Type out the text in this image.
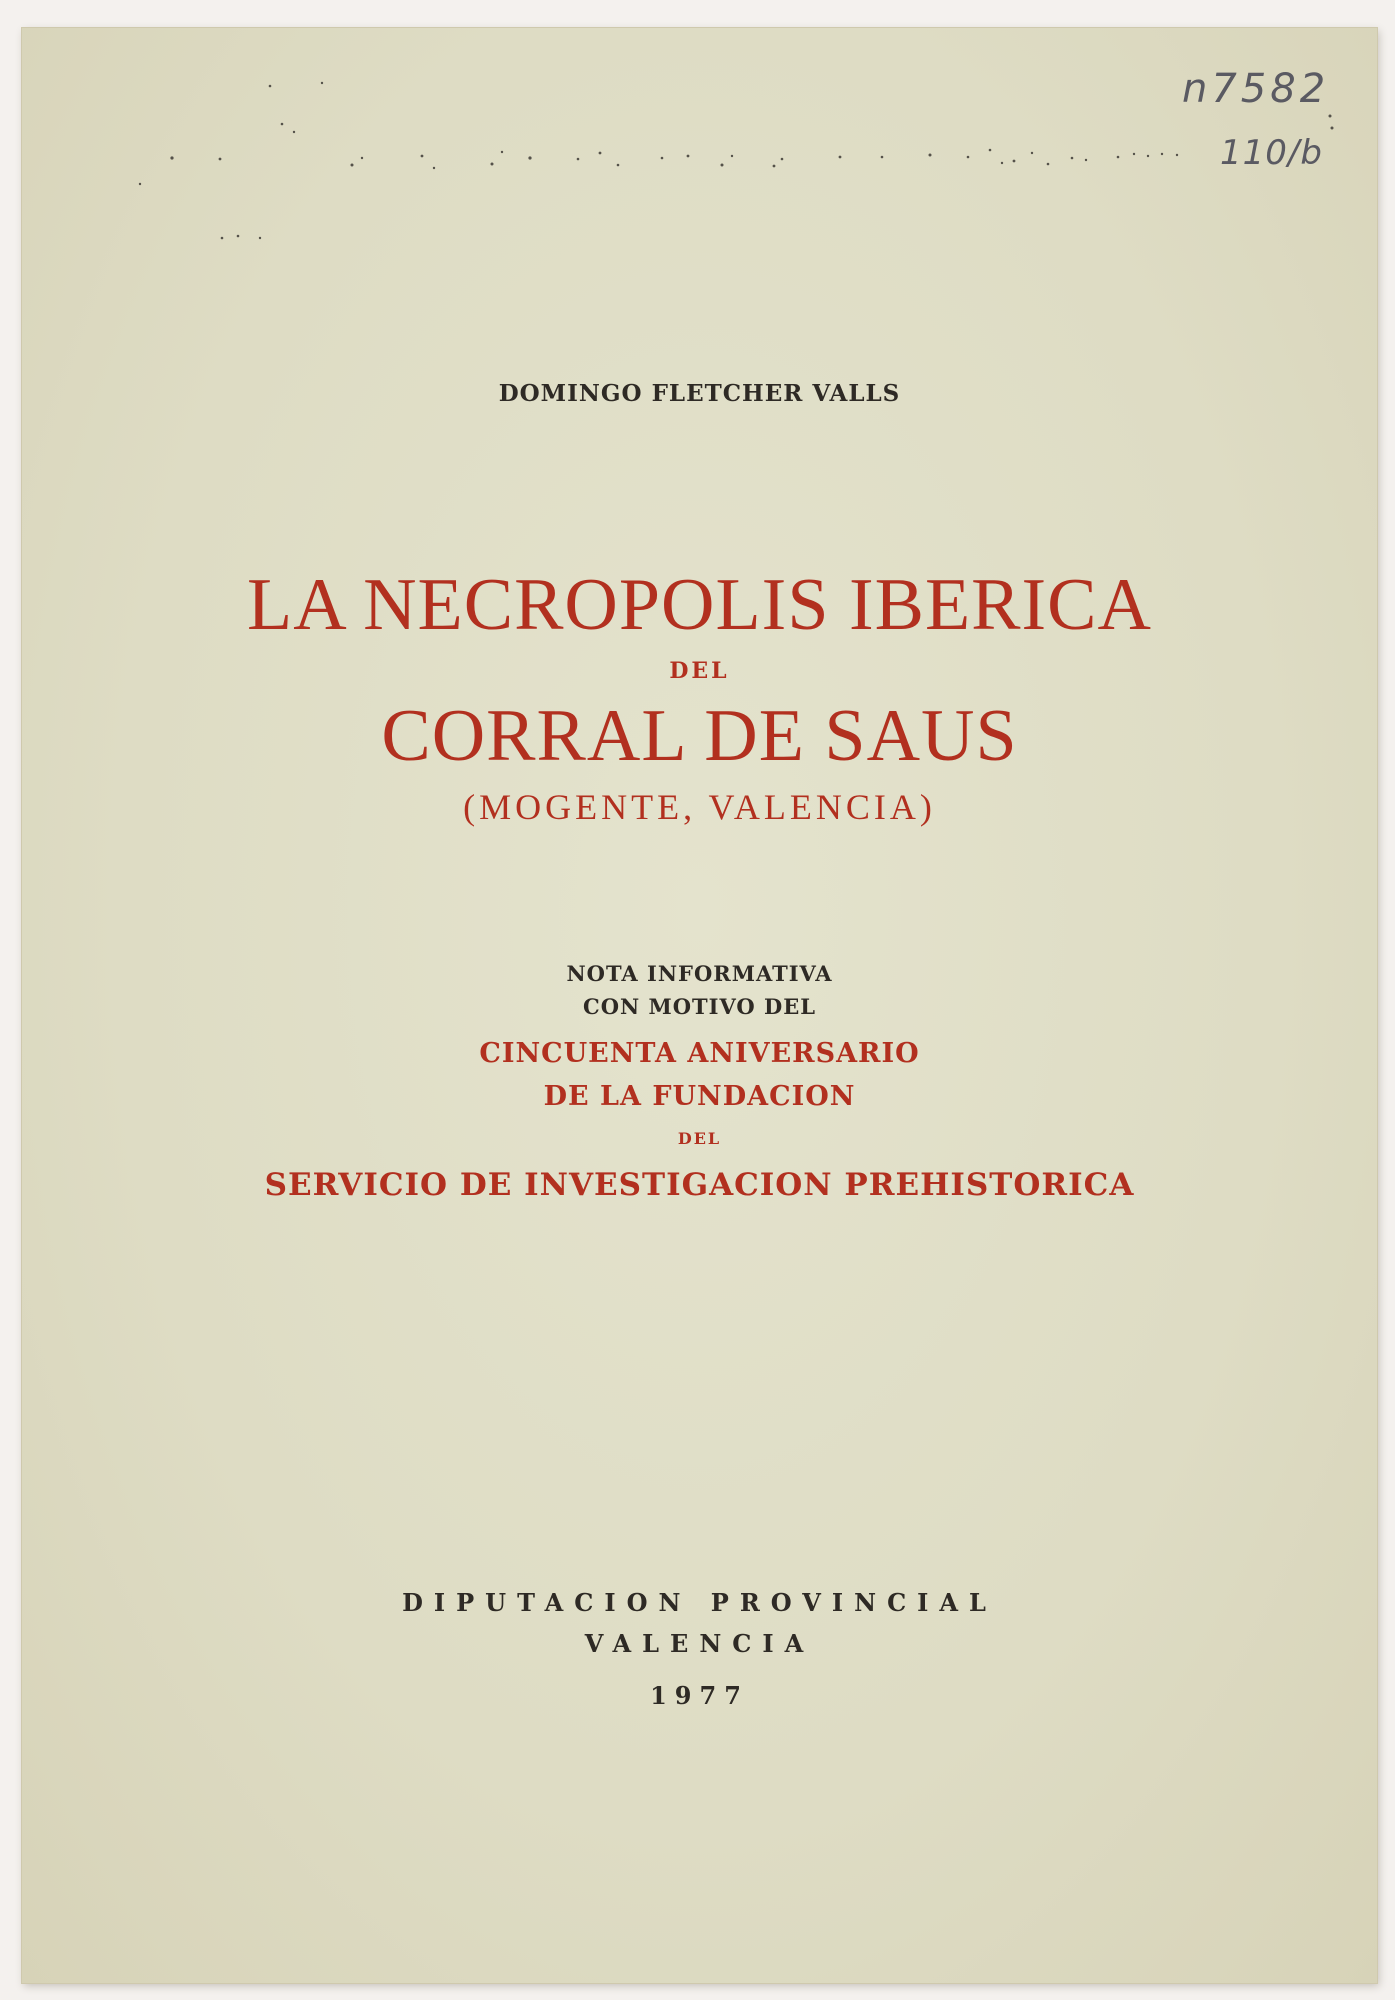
n7582
110/b
DOMINGO FLETCHER VALLS
LA NECROPOLIS IBERICA
DEL
CORRAL DE SAUS
(MOGENTE, VALENCIA)
NOTA INFORMATIVA
CON MOTIVO DEL
CINCUENTA ANIVERSARIO
DE LA FUNDACION
DEL
SERVICIO DE INVESTIGACION PREHISTORICA
DIPUTACION PROVINCIAL
VALENCIA
1977
